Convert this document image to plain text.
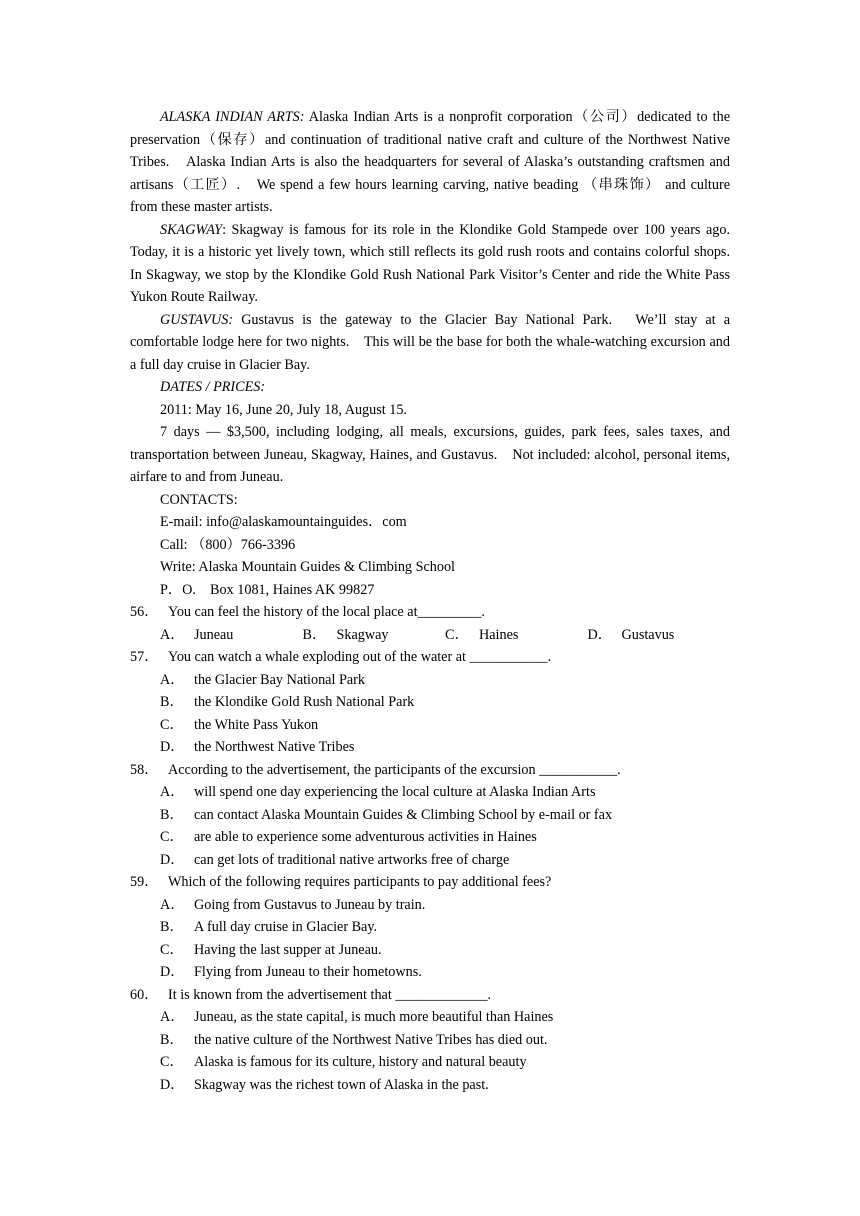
ALASKA INDIAN ARTS: Alaska Indian Arts is a nonprofit corporation（公司）dedicated to the preservation（保存）and continuation of traditional native craft and culture of the Northwest Native Tribes.　Alaska Indian Arts is also the headquarters for several of Alaska’s outstanding craftsmen and artisans（工匠）.　We spend a few hours learning carving, native beading （串珠饰） and culture from these master artists.

SKAGWAY: Skagway is famous for its role in the Klondike Gold Stampede over 100 years ago.　Today, it is a historic yet lively town, which still reflects its gold rush roots and contains colorful shops.　In Skagway, we stop by the Klondike Gold Rush National Park Visitor’s Center and ride the White Pass Yukon Route Railway.

GUSTAVUS: Gustavus is the gateway to the Glacier Bay National Park.　We’ll stay at a comfortable lodge here for two nights.　This will be the base for both the whale-watching excursion and a full day cruise in Glacier Bay.

DATES / PRICES:

2011: May 16, June 20, July 18, August 15.

7 days — $3,500, including lodging, all meals, excursions, guides, park fees, sales taxes, and transportation between Juneau, Skagway, Haines, and Gustavus.　Not included: alcohol, personal items, airfare to and from Juneau.

CONTACTS:

E-mail: info@alaskamountainguides．com

Call: （800）766-3396

Write: Alaska Mountain Guides & Climbing School

P．O.　Box 1081, Haines AK 99827

56． You can feel the history of the local place at_________.
A． Juneau	B． Skagway	C． Haines	D． Gustavus
57． You can watch a whale exploding out of the water at ___________.
A． the Glacier Bay National Park
B． the Klondike Gold Rush National Park
C． the White Pass Yukon
D． the Northwest Native Tribes
58． According to the advertisement, the participants of the excursion ___________.
A． will spend one day experiencing the local culture at Alaska Indian Arts
B． can contact Alaska Mountain Guides & Climbing School by e-mail or fax
C． are able to experience some adventurous activities in Haines
D． can get lots of traditional native artworks free of charge
59． Which of the following requires participants to pay additional fees?
A． Going from Gustavus to Juneau by train.
B． A full day cruise in Glacier Bay.
C． Having the last supper at Juneau.
D． Flying from Juneau to their hometowns.
60． It is known from the advertisement that _____________.
A． Juneau, as the state capital, is much more beautiful than Haines
B． the native culture of the Northwest Native Tribes has died out.
C． Alaska is famous for its culture, history and natural beauty
D． Skagway was the richest town of Alaska in the past.
